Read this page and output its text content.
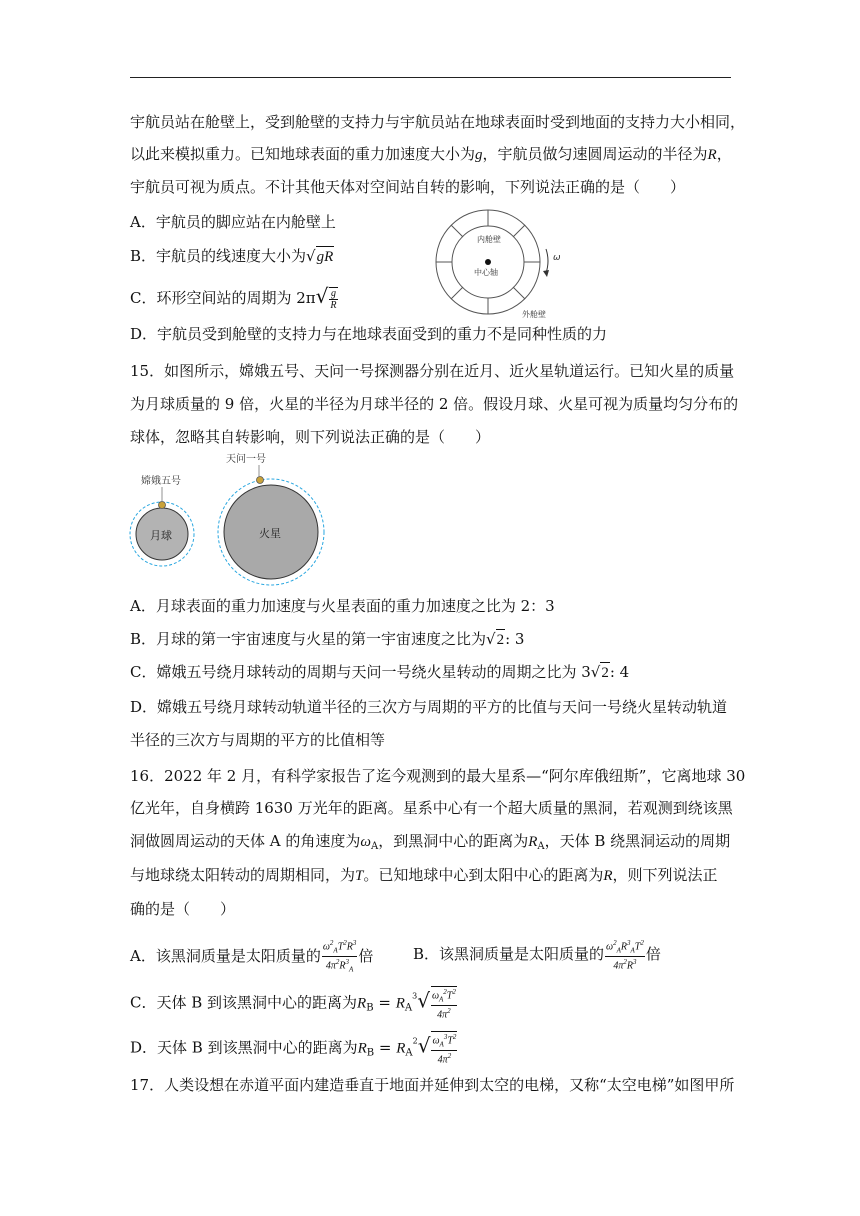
宇航员站在舱壁上，受到舱壁的支持力与宇航员站在地球表面时受到地面的支持力大小相同，
以此来模拟重力。已知地球表面的重力加速度大小为g，宇航员做匀速圆周运动的半径为R，
宇航员可视为质点。不计其他天体对空间站自转的影响，下列说法正确的是（　　）
A．宇航员的脚应站在内舱壁上
B．宇航员的线速度大小为√gR
C．环形空间站的周期为 $2\pi√ \frac{g}{R}$
D．宇航员受到舱壁的支持力与在地球表面受到的重力不是同种性质的力
内舱壁
中心轴
外舱壁
ω
15．如图所示，嫦娥五号、天问一号探测器分别在近月、近火星轨道运行。已知火星的质量
为月球质量的 9 倍，火星的半径为月球半径的 2 倍。假设月球、火星可视为质量均匀分布的
球体，忽略其自转影响，则下列说法正确的是（　　）
嫦娥五号
月球
天问一号
火星
A．月球表面的重力加速度与火星表面的重力加速度之比为 2：3
B．月球的第一宇宙速度与火星的第一宇宙速度之比为√2: 3
C．嫦娥五号绕月球转动的周期与天问一号绕火星转动的周期之比为 3√2: 4
D．嫦娥五号绕月球转动轨道半径的三次方与周期的平方的比值与天问一号绕火星转动轨道
半径的三次方与周期的平方的比值相等
16．2022 年 2 月，有科学家报告了迄今观测到的最大星系—“阿尔库俄纽斯”，它离地球 30
亿光年，自身横跨 1630 万光年的距离。星系中心有一个超大质量的黑洞，若观测到绕该黑
洞做圆周运动的天体 A 的角速度为$\omega_A$，到黑洞中心的距离为$R_A$，天体 B 绕黑洞运动的周期
与地球绕太阳转动的周期相同，为T。已知地球中心到太阳中心的距离为R，则下列说法正
确的是（　　）
A．该黑洞质量是太阳质量的 $\frac{\omega^2_AT^2R^3}{4\pi^2R^3_A}$ 倍	B．该黑洞质量是太阳质量的 $\frac{\omega^2_AR^3_AT^2}{4\pi^2R^3}$ 倍
C．天体 B 到该黑洞中心的距离为$R_B = R_A^3√ \frac{\omega_A^2T^2}{4\pi^2}$
D．天体 B 到该黑洞中心的距离为$R_B = R_A^2√ \frac{\omega_A^3T^2}{4\pi^2}$
17．人类设想在赤道平面内建造垂直于地面并延伸到太空的电梯，又称“太空电梯”如图甲所
